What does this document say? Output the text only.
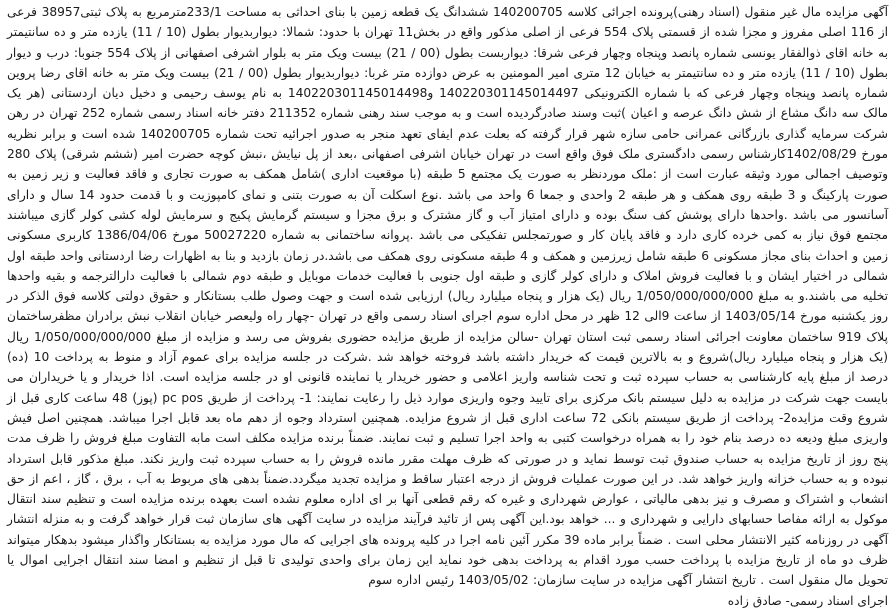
آگهی مزایده مال غیر منقول (اسناد رهنی)پرونده اجرائی کلاسه 140200705 ششدانگ یک قطعه زمین با بنای احداثی به مساحت 233/1مترمربع به پلاک ثبتی38957 فرعی از 116 اصلی مفروز و مجزا شده از قسمتی پلاک 554 فرعی از اصلی مذکور واقع در بخش11 تهران با حدود: شمالا: دیواربدیوار بطول (10 / 11) یازده متر و ده سانتیمتر به خانه اقای ذوالفقار یونسی شماره پانصد وپنجاه وچهار فرعی شرقا: دیواربست بطول (00 / 21) بیست ویک متر به بلوار اشرفی اصفهانی از پلاک 554 جنوبا: درب و دیوار بطول (10 / 11) یازده متر و ده سانتیمتر به خیابان 12 متری امیر المومنین به عرض دوازده متر غربا: دیواربدیوار بطول (00 / 21) بیست ویک متر به خانه اقای رضا پروین شماره پانصد وپنجاه وچهار فرعی که با شماره الکترونیکی 140220301145014497 و140220301145014498 به نام یوسف رحیمی و دخیل دیان اردستانی (هر یک مالک سه دانگ مشاع از شش دانگ عرصه و اعیان )ثبت وسند صادرگردیده است و به موجب سند رهنی شماره 211352 دفتر خانه اسناد رسمی شماره 252 تهران در رهن شرکت سرمایه گذاری بازرگانی عمرانی حامی سازه شهر قرار گرفته که بعلت عدم ایفای تعهد منجر به صدور اجرائیه تحت شماره 140200705 شده است و برابر نظریه مورخ 1402/08/29کارشناس رسمی دادگستری ملک فوق واقع است در تهران خیابان اشرفی اصفهانی ،بعد از پل نیایش ،نبش کوچه حضرت امیر (ششم شرقی) پلاک 280 وتوصیف اجمالی مورد وثیقه عبارت است از :ملک موردنظر به صورت یک مجتمع 5 طبقه (با موقعیت اداری )شامل همکف به صورت تجاری و فاقد فعالیت و زیر زمین به صورت پارکینگ و 3 طبقه روی همکف و هر طبقه 2 واحدی و جمعا 6 واحد می باشد .نوع اسکلت آن به صورت بتنی و نمای کامپوزیت و با قدمت حدود 14 سال و دارای آسانسور می باشد .واحدها دارای پوشش کف سنگ بوده و دارای امتیاز آب و گاز مشترک و برق مجزا و سیستم گرمایش پکیج و سرمایش لوله کشی کولر گازی میباشند مجتمع فوق نیاز به کمی خرده کاری دارد و فاقد پایان کار و صورتمجلس تفکیکی می باشد .پروانه ساختمانی به شماره 50027220 مورخ 1386/04/06 کاربری مسکونی زمین و احداث بنای مجاز مسکونی 6 طبقه شامل زیرزمین و همکف و 4 طبقه مسکونی روی همکف می باشد.در زمان بازدید و بنا به اظهارات رضا اردستانی واحد طبقه اول شمالی در اختیار ایشان و با فعالیت فروش املاک و دارای کولر گازی و طبقه اول جنوبی با فعالیت خدمات موبایل و طبقه دوم شمالی با فعالیت دارالترجمه و بقیه واحدها تخلیه می باشند.و به مبلغ 1/050/000/000/000 ریال (یک هزار و پنجاه میلیارد ریال) ارزیابی شده است و جهت وصول طلب بستانکار و حقوق دولتی کلاسه فوق الذکر در روز یکشنبه مورخ 1403/05/14 از ساعت 9الی 12 ظهر در محل اداره سوم اجرای اسناد رسمی واقع در تهران -چهار راه ولیعصر خیابان انقلاب نبش برادران مظفرساختمان پلاک 919 ساختمان معاونت اجرائی اسناد رسمی ثبت استان تهران -سالن مزایده از طریق مزایده حضوری بفروش می رسد و مزایده از مبلغ 1/050/000/000/000 ریال (یک هزار و پنجاه میلیارد ریال)شروع و به بالاترین قیمت که خریدار داشته باشد فروخته خواهد شد .شرکت در جلسه مزایده برای عموم آزاد و منوط به پرداخت 10 (ده) درصد از مبلغ پایه کارشناسی به حساب سپرده ثبت و تحت شناسه واریز اعلامی و حضور خریدار یا نماینده قانونی او در جلسه مزایده است. اذا خریدار و یا خریداران می بایست جهت شرکت در مزایده به دلیل سیستم بانک مرکزی برای تایید وجوه واریزی موارد ذیل را رعایت نمایند: 1- پرداخت از طریق pc pos (پوز) 48 ساعت کاری قبل از شروع وقت مزایده2- پرداخت از طریق سیستم بانکی 72 ساعت اداری قبل از شروع مزایده. همچنین استرداد وجوه از دهم ماه بعد قابل اجرا میباشد. همچنین اصل فیش واریزی مبلغ ودیعه ده درصد بنام خود را به همراه درخواست کتبی به واحد اجرا تسلیم و ثبت نمایند. ضمناً برنده مزایده مکلف است مابه التفاوت مبلغ فروش را ظرف مدت پنج روز از تاریخ مزایده به حساب صندوق ثبت توسط نماید و در صورتی که ظرف مهلت مقرر مانده فروش را به حساب سپرده ثبت واریز نکند. مبلغ مذکور قابل استرداد نبوده و به حساب خزانه واریز خواهد شد. در این صورت عملیات فروش از درجه اعتبار ساقط و مزایده تجدید میگردد.ضمناً بدهی های مربوط به آب ، برق ، گاز ، اعم از حق انشعاب و اشتراک و مصرف و نیز بدهی مالیاتی ، عوارض شهرداری و غیره که رقم قطعی آنها بر ای اداره معلوم نشده است بعهده برنده مزایده است و تنظیم سند انتقال موکول به ارائه مفاصا حسابهای دارایی و شهرداری و ... خواهد بود.این آگهی پس از تائید فرآیند مزایده در سایت آگهی های سازمان ثبت قرار خواهد گرفت و به منزله انتشار آگهی در روزنامه کثیر الانتشار محلی است . ضمناً برابر ماده 39 مکرر آئین نامه اجرا در کلیه پرونده های اجرایی که مال مورد مزایده به بستانکار واگذار میشود بدهکار میتواند ظرف دو ماه از تاریخ مزایده با پرداخت حسب مورد اقدام به پرداخت بدهی خود نماید این زمان برای واحدی تولیدی تا قبل از تنظیم و امضا سند انتقال اجرایی اموال یا تحویل مال منقول است . تاریخ انتشار آگهی مزایده در سایت سازمان: 1403/05/02 رئیس اداره سوم

اجرای اسناد رسمی- صادق زاده
